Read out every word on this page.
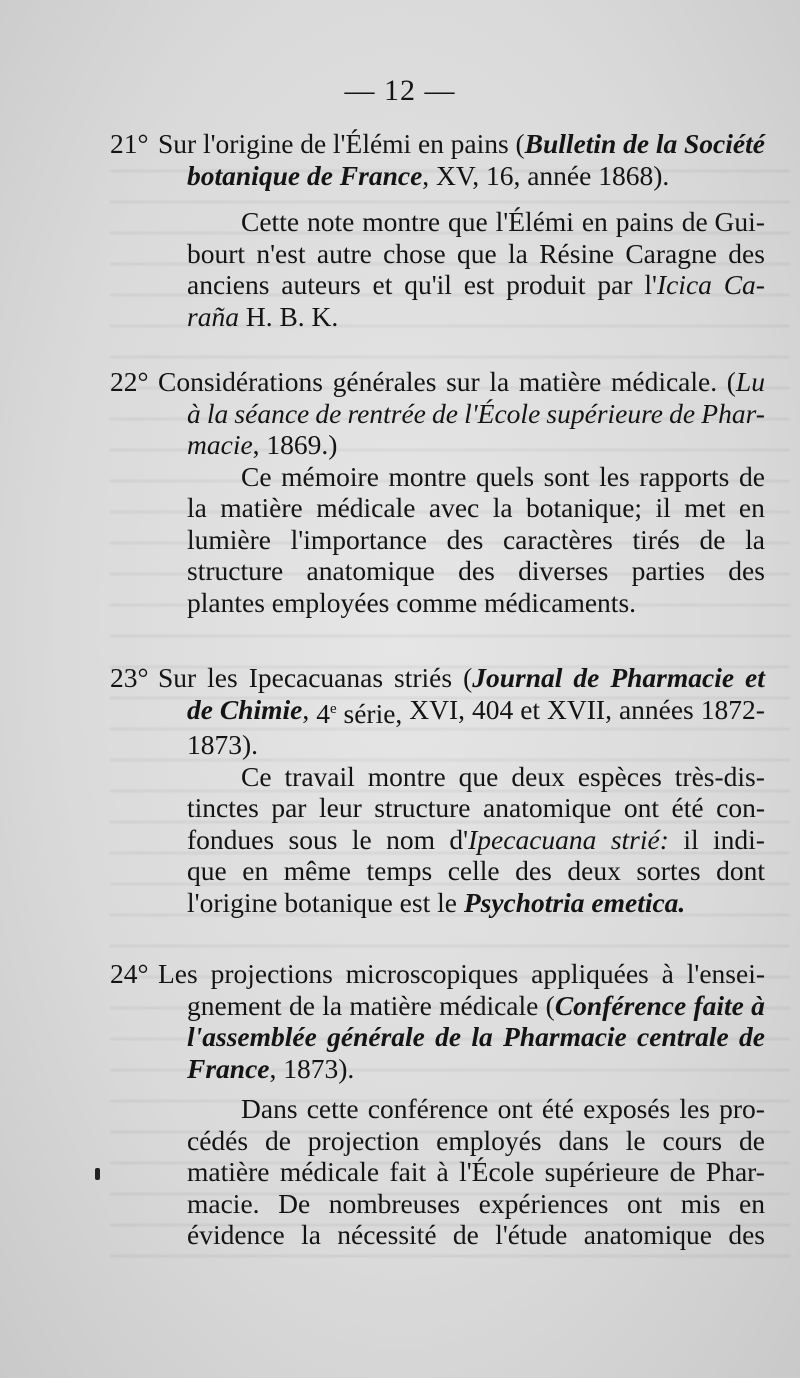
— 12 —
21° Sur l'origine de l'Élémi en pains (Bulletin de la Société
botanique de France, XV, 16, année 1868).
Cette note montre que l'Élémi en pains de Gui-
bourt n'est autre chose que la Résine Caragne des
anciens auteurs et qu'il est produit par l'Icica Ca-
raña H. B. K.
22° Considérations générales sur la matière médicale. (Lu
à la séance de rentrée de l'École supérieure de Phar-
macie, 1869.)
Ce mémoire montre quels sont les rapports de
la matière médicale avec la botanique; il met en
lumière l'importance des caractères tirés de la
structure anatomique des diverses parties des
plantes employées comme médicaments.
23° Sur les Ipecacuanas striés (Journal de Pharmacie et
de Chimie, 4e série, XVI, 404 et XVII, années 1872-
1873).
Ce travail montre que deux espèces très-dis-
tinctes par leur structure anatomique ont été con-
fondues sous le nom d'Ipecacuana strié: il indi-
que en même temps celle des deux sortes dont
l'origine botanique est le Psychotria emetica.
24° Les projections microscopiques appliquées à l'ensei-
gnement de la matière médicale (Conférence faite à
l'assemblée générale de la Pharmacie centrale de
France, 1873).
Dans cette conférence ont été exposés les pro-
cédés de projection employés dans le cours de
matière médicale fait à l'École supérieure de Phar-
macie. De nombreuses expériences ont mis en
évidence la nécessité de l'étude anatomique des
